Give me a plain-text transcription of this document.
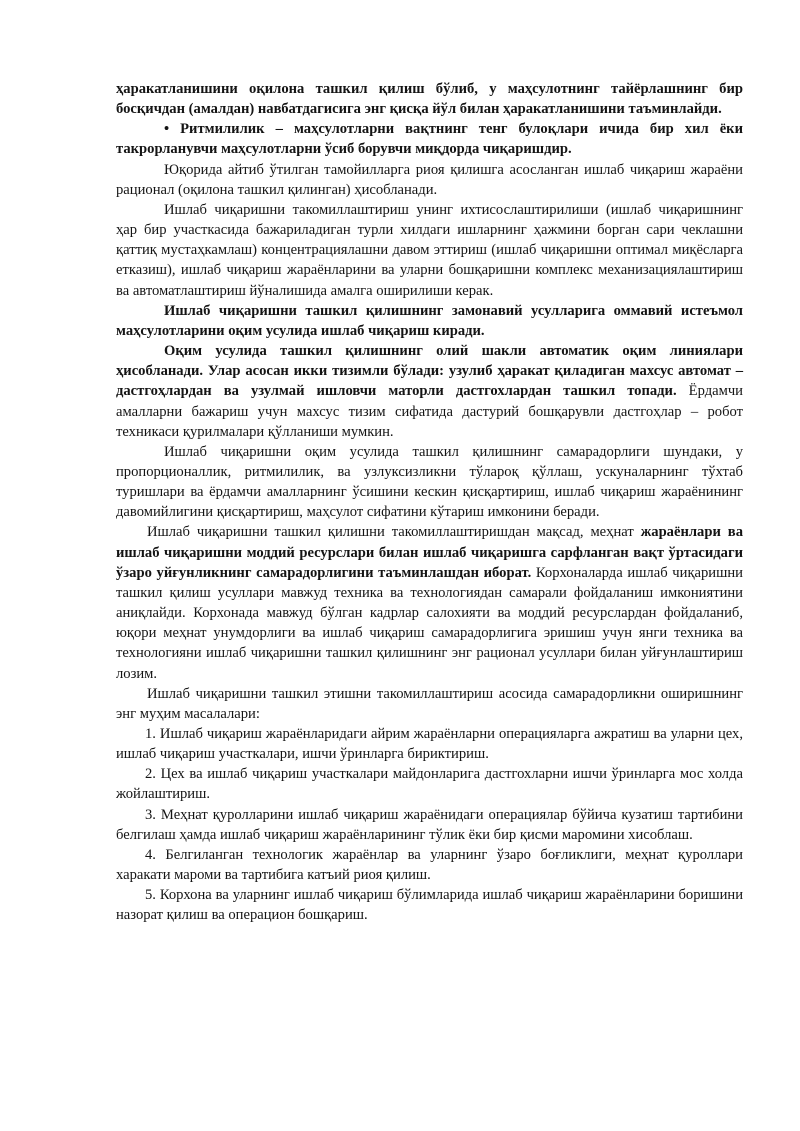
ҳаракатланишини оқилона ташкил қилиш бўлиб, у маҳсулотнинг тайёрлашнинг бир босқичдан (амалдан) навбатдагисига энг қисқа йўл билан ҳаракатланишини таъминлайди.

• Ритмилилик – маҳсулотларни вақтнинг тенг булоқлари ичида бир хил ёки такрорланувчи маҳсулотларни ўсиб борувчи миқдорда чиқаришдир.

Юқорида айтиб ўтилган тамойилларга риоя қилишга асосланган ишлаб чиқариш жараёни рационал (оқилона ташкил қилинган) ҳисобланади.

Ишлаб чиқаришни такомиллаштириш унинг ихтисослаштирилиши (ишлаб чиқаришнинг ҳар бир участкасида бажариладиган турли хилдаги ишларнинг ҳажмини борган сари чеклашни қаттиқ мустаҳкамлаш) концентрациялашни давом эттириш (ишлаб чиқаришни оптимал миқёсларга етказиш), ишлаб чиқариш жараёнларини ва уларни бошқаришни комплекс механизациялаштириш ва автоматлаштириш йўналишида амалга оширилиши керак.

Ишлаб чиқаришни ташкил қилишнинг замонавий усулларига оммавий истеъмол маҳсулотларини оқим усулида ишлаб чиқариш киради.

Оқим усулида ташкил қилишнинг олий шакли автоматик оқим линиялари ҳисобланади. Улар асосан икки тизимли бўлади: узулиб ҳаракат қиладиган махсус автомат – дастгоҳлардан ва узулмай ишловчи маторли дастгохлардан ташкил топади. Ёрдамчи амалларни бажариш учун махсус тизим сифатида дастурий бошқарувли дастгоҳлар – робот техникаси қурилмалари қўлланиши мумкин.

Ишлаб чиқаришни оқим усулида ташкил қилишнинг самарадорлиги шундаки, у пропорционаллик, ритмилилик, ва узлуксизликни тўлароқ қўллаш, ускуналарнинг тўхтаб туришлари ва ёрдамчи амалларнинг ўсишини кескин қисқартириш, ишлаб чиқариш жараёнининг давомийлигини қисқартириш, маҳсулот сифатини кўтариш имконини беради.

Ишлаб чиқаришни ташкил қилишни такомиллаштиришдан мақсад, меҳнат жараёнлари ва ишлаб чиқаришни моддий ресурслари билан ишлаб чиқаришга сарфланган вақт ўртасидаги ўзаро уйғунликнинг самарадорлигини таъминлашдан иборат. Корхоналарда ишлаб чиқаришни ташкил қилиш усуллари мавжуд техника ва технологиядан самарали фойдаланиш имкониятини аниқлайди. Корхонада мавжуд бўлган кадрлар салохияти ва моддий ресурслардан фойдаланиб, юқори меҳнат унумдорлиги ва ишлаб чиқариш самарадорлигига эришиш учун янги техника ва технологияни ишлаб чиқаришни ташкил қилишнинг энг рационал усуллари билан уйғунлаштириш лозим.

Ишлаб чиқаришни ташкил этишни такомиллаштириш асосида самарадорликни оширишнинг энг муҳим масалалари:

1. Ишлаб чиқариш жараёнларидаги айрим жараёнларни операцияларга ажратиш ва уларни цех, ишлаб чиқариш участкалари, ишчи ўринларга бириктириш.

2. Цех ва ишлаб чиқариш участкалари майдонларига дастгохларни ишчи ўринларга мос холда жойлаштириш.

3. Меҳнат қуролларини ишлаб чиқариш жараёнидаги операциялар бўйича кузатиш тартибини белгилаш ҳамда ишлаб чиқариш жараёнларининг тўлик ёки бир қисми маромини хисоблаш.

4. Белгиланган технологик жараёнлар ва уларнинг ўзаро боғликлиги, меҳнат қуроллари харакати мароми ва тартибига катъий риоя қилиш.

5. Корхона ва уларнинг ишлаб чиқариш бўлимларида ишлаб чиқариш жараёнларини боришини назорат қилиш ва операцион бошқариш.
